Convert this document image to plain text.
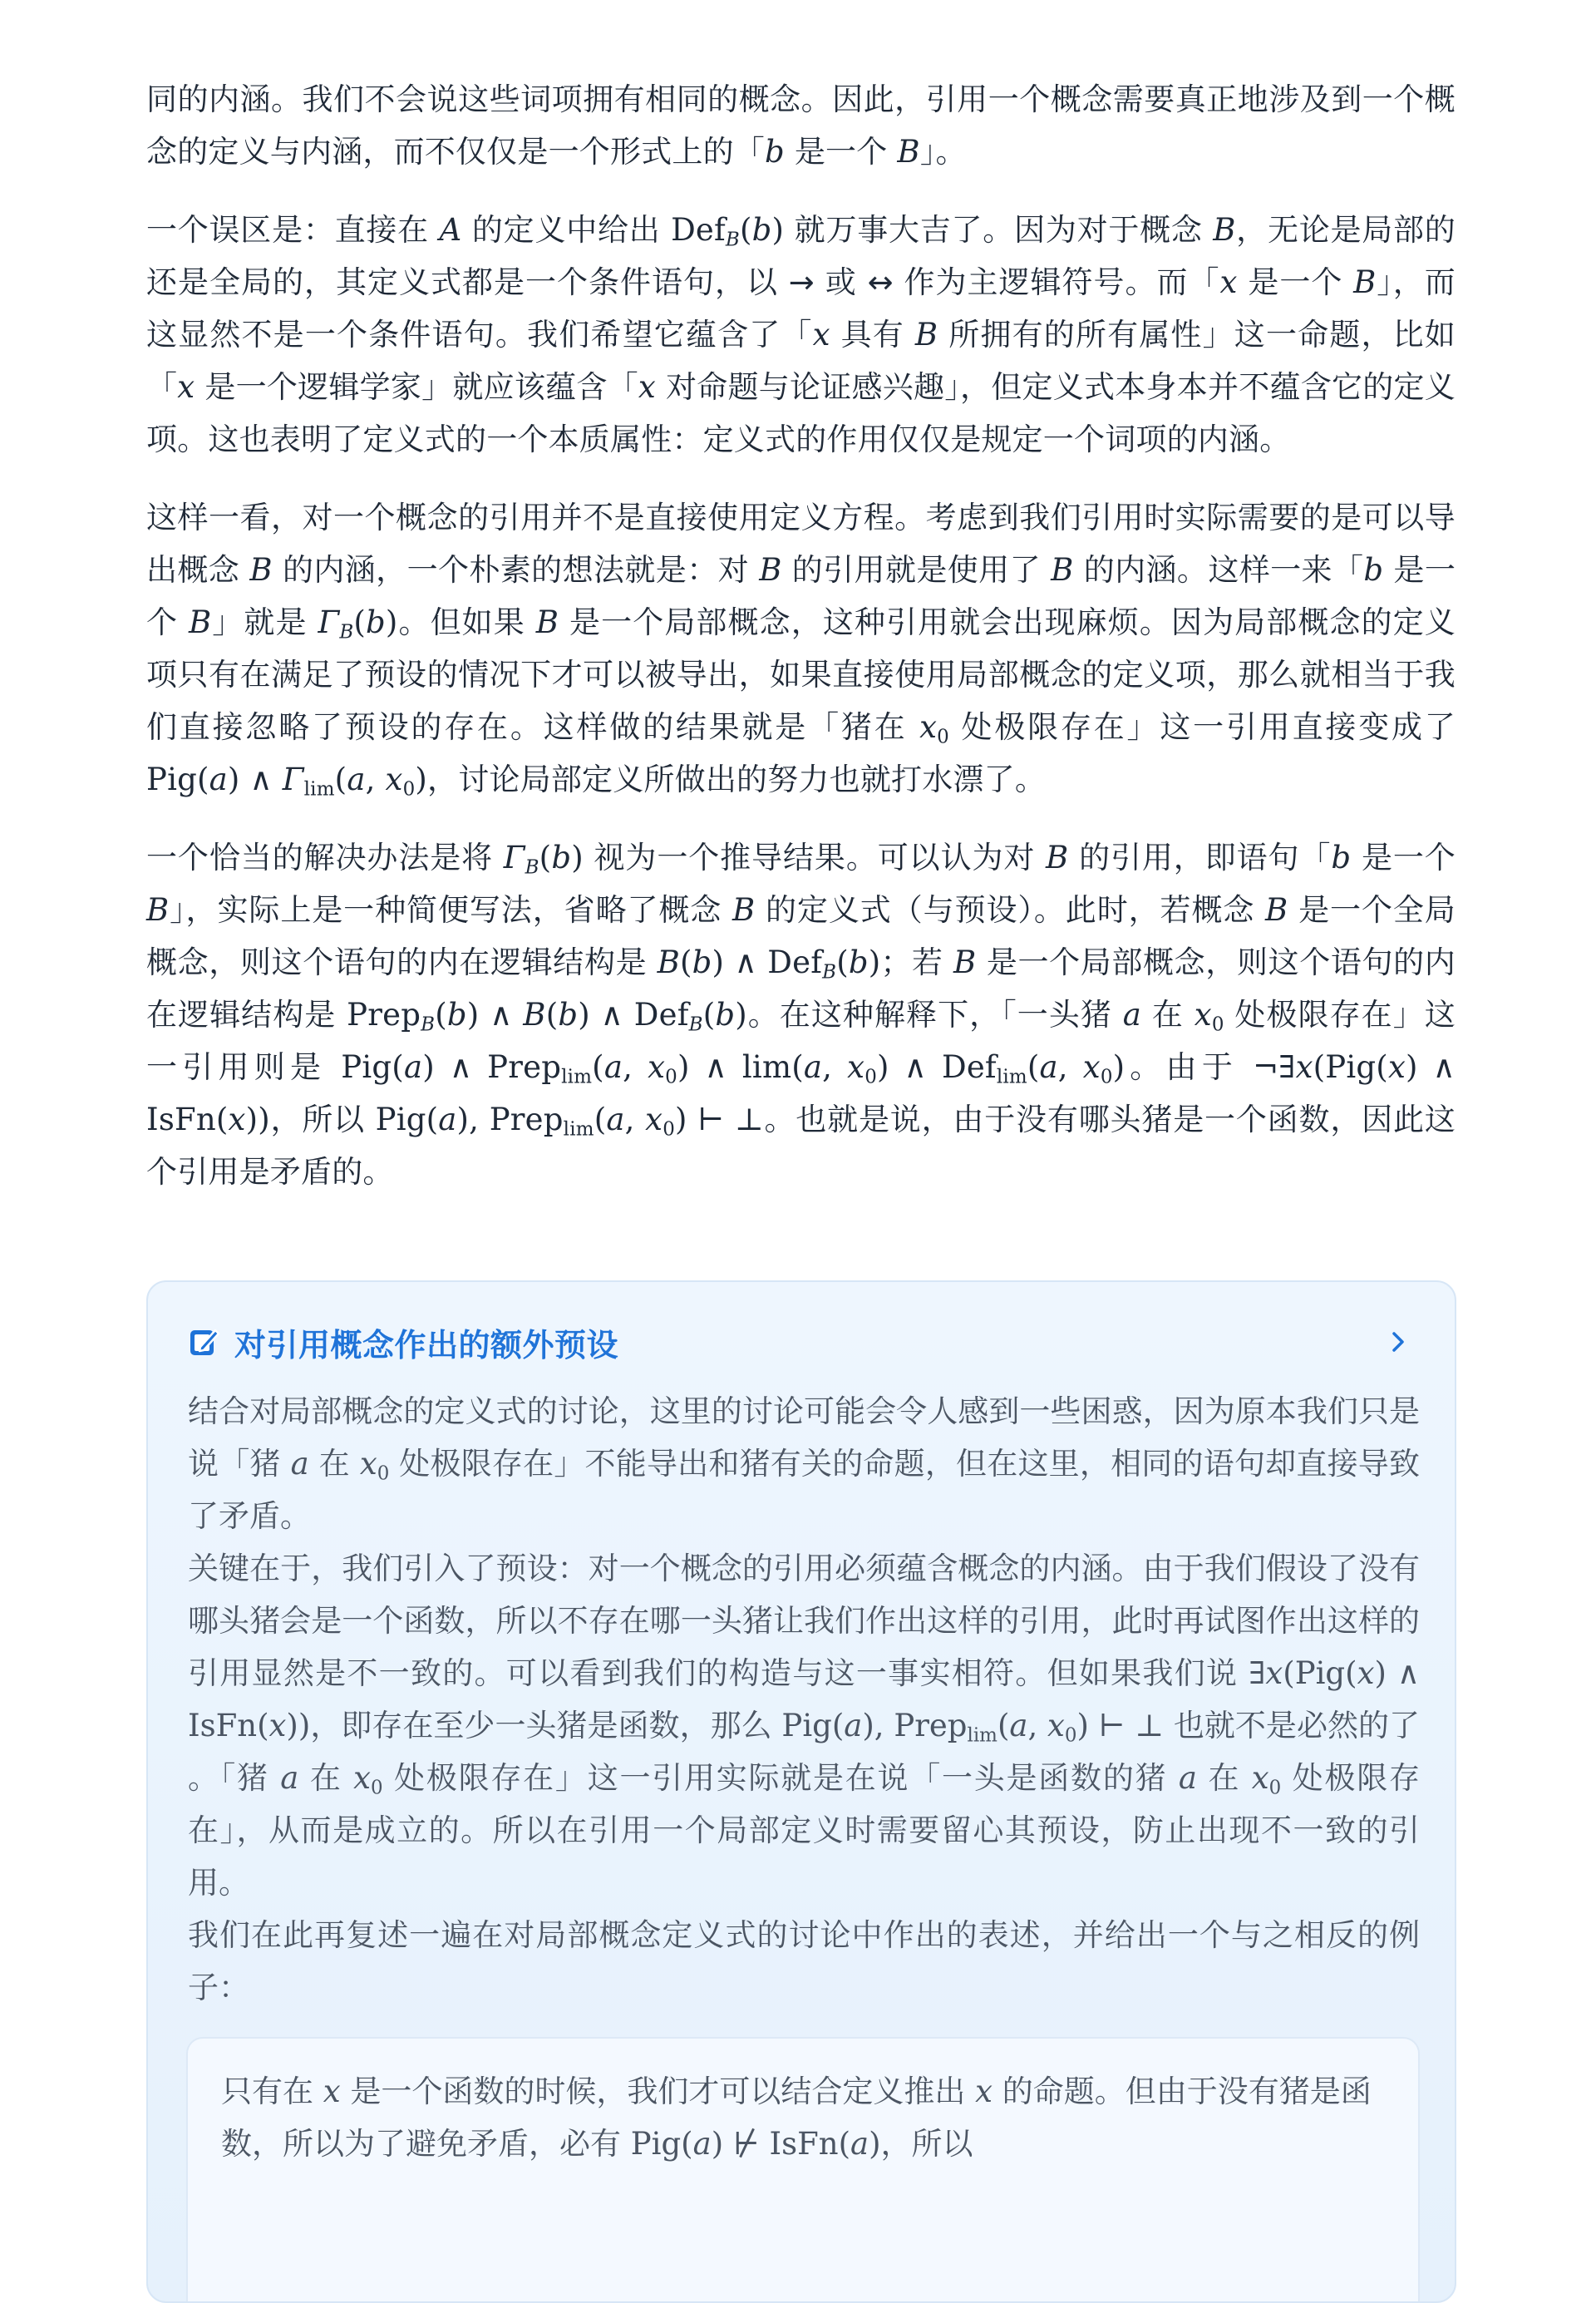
同的内涵。我们不会说这些词项拥有相同的概念。因此，引用一个概念需要真正地涉及到一个概念的定义与内涵，而不仅仅是一个形式上的「b 是一个 B」。

一个误区是：直接在 A 的定义中给出 Def$_B$(b) 就万事大吉了。因为对于概念 B，无论是局部的还是全局的，其定义式都是一个条件语句，以 → 或 ↔ 作为主逻辑符号。而「x 是一个 B」，而这显然不是一个条件语句。我们希望它蕴含了「x 具有 B 所拥有的所有属性」这一命题，比如「x 是一个逻辑学家」就应该蕴含「x 对命题与论证感兴趣」，但定义式本身本并不蕴含它的定义项。这也表明了定义式的一个本质属性：定义式的作用仅仅是规定一个词项的内涵。

这样一看，对一个概念的引用并不是直接使用定义方程。考虑到我们引用时实际需要的是可以导出概念 B 的内涵，一个朴素的想法就是：对 B 的引用就是使用了 B 的内涵。这样一来「b 是一个 B」就是 $\Gamma_B(b)$。但如果 B 是一个局部概念，这种引用就会出现麻烦。因为局部概念的定义项只有在满足了预设的情况下才可以被导出，如果直接使用局部概念的定义项，那么就相当于我们直接忽略了预设的存在。这样做的结果就是「猪在 $x_0$ 处极限存在」这一引用直接变成了 Pig(a) ∧ $\Gamma_{lim}(a$, $x_0$)，讨论局部定义所做出的努力也就打水漂了。

一个恰当的解决办法是将 $\Gamma_B(b)$ 视为一个推导结果。可以认为对 B 的引用，即语句「b 是一个 B」，实际上是一种简便写法，省略了概念 B 的定义式（与预设）。此时，若概念 B 是一个全局概念，则这个语句的内在逻辑结构是 B(b) ∧ Def$_B$(b)；若 B 是一个局部概念，则这个语句的内在逻辑结构是 Prep$_B$(b) ∧ B(b) ∧ Def$_B$(b)。在这种解释下，「一头猪 a 在 $x_0$ 处极限存在」这一引用则是 Pig(a) ∧ Prep$_{lim}$(a, $x_0$) ∧ lim(a, $x_0$) ∧ Def$_{lim}$(a, $x_0$)。由于 ¬∃x(Pig(x) ∧ IsFn(x))，所以 Pig(a), Prep$_{lim}$(a, $x_0$) ⊢ ⊥。也就是说，由于没有哪头猪是一个函数，因此这个引用是矛盾的。

对引用概念作出的额外预设

结合对局部概念的定义式的讨论，这里的讨论可能会令人感到一些困惑，因为原本我们只是说「猪 a 在 $x_0$ 处极限存在」不能导出和猪有关的命题，但在这里，相同的语句却直接导致了矛盾。

关键在于，我们引入了预设：对一个概念的引用必须蕴含概念的内涵。由于我们假设了没有哪头猪会是一个函数，所以不存在哪一头猪让我们作出这样的引用，此时再试图作出这样的引用显然是不一致的。可以看到我们的构造与这一事实相符。但如果我们说 ∃x(Pig(x) ∧ IsFn(x))，即存在至少一头猪是函数，那么 Pig(a), Prep$_{lim}$(a, $x_0$) ⊢ ⊥ 也就不是必然的了 。「猪 a 在 $x_0$ 处极限存在」这一引用实际就是在说「一头是函数的猪 a 在 $x_0$ 处极限存在」，从而是成立的。所以在引用一个局部定义时需要留心其预设，防止出现不一致的引用。

我们在此再复述一遍在对局部概念定义式的讨论中作出的表述，并给出一个与之相反的例子：

只有在 x 是一个函数的时候，我们才可以结合定义推出 x 的命题。但由于没有猪是函数，所以为了避免矛盾，必有 Pig(a) ⊬ IsFn(a)，所以
